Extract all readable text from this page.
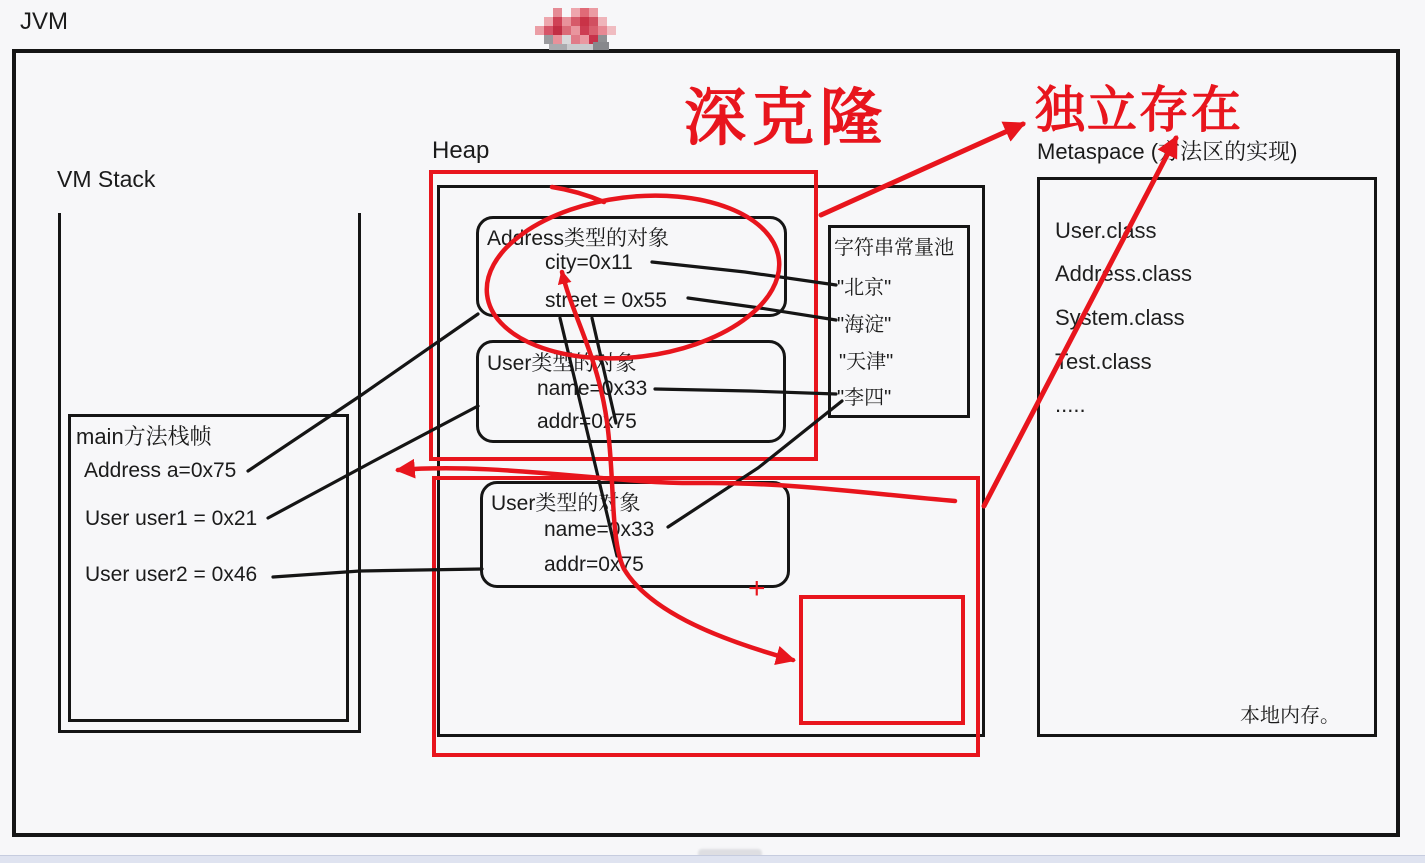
JVM
VM Stack
main方法栈帧
Address a=0x75
User user1 = 0x21
User user2 = 0x46
Heap
Address类型的对象
city=0x11
street = 0x55
User类型的对象
name=0x33
addr=0x75
User类型的对象
name=0x33
addr=0x75
字符串常量池
"北京"
"海淀"
"天津"
"李四"
Metaspace (方法区的实现)
User.class
Address.class
System.class
Test.class
.....
本地内存。
深克隆	独立存在
+
